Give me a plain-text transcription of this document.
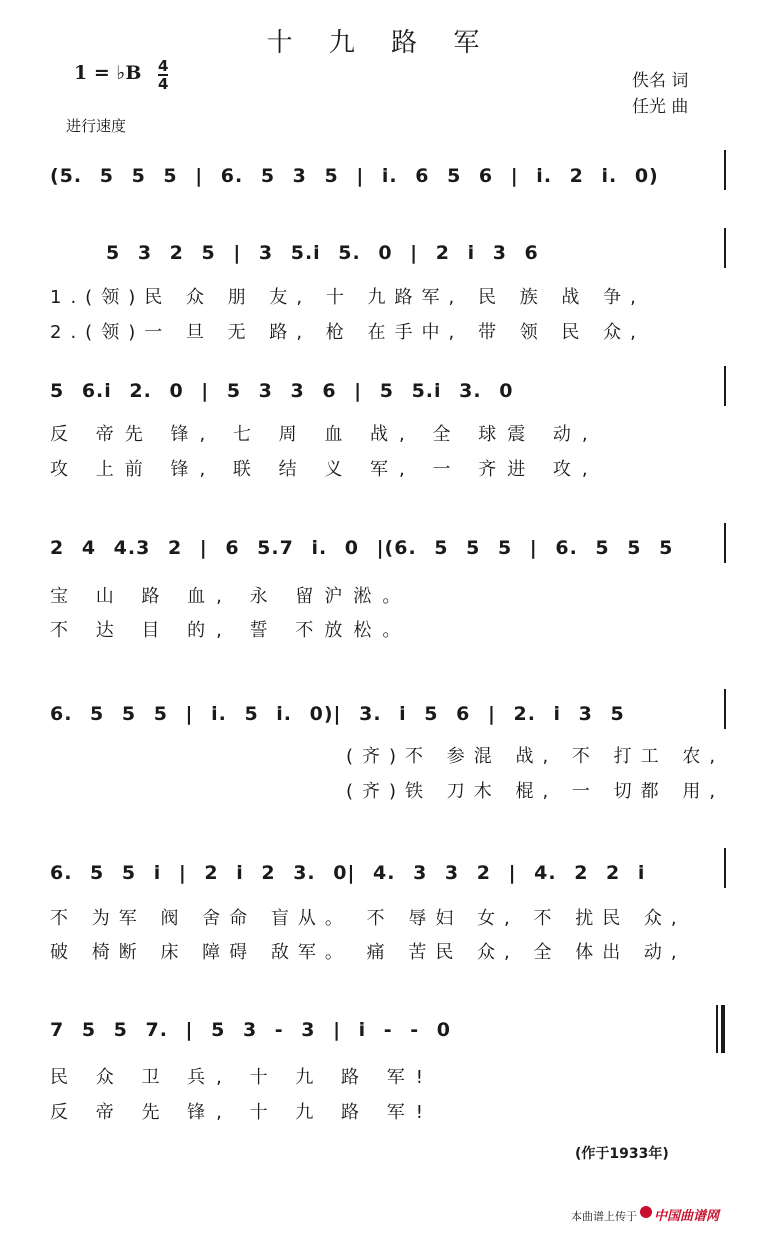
十 九 路 军
1 = ♭B 4
4
进行速度
佚名 词
任光 曲
(5. 5 5 5 | 6. 5 3 5 | i. 6 5 6 | i. 2 i. 0)
5 3 2 5 | 3 5.i 5. 0 | 2 i 3 6
1.(领)民 众 朋 友, 十 九路军, 民 族 战 争,
2.(领)一 旦 无 路, 枪 在手中, 带 领 民 众,
5 6.i 2. 0 | 5 3 3 6 | 5 5.i 3. 0
反 帝先 锋, 七 周 血 战, 全 球震 动,
攻 上前 锋, 联 结 义 军, 一 齐进 攻,
2 4 4.3 2 | 6 5.7 i. 0 |(6. 5 5 5 | 6. 5 5 5
宝 山 路 血, 永 留沪淞。
不 达 目 的, 誓 不放松。
6. 5 5 5 | i. 5 i. 0)| 3. i 5 6 | 2. i 3 5
(齐)不 参混 战, 不 打工 农,
(齐)铁 刀木 棍, 一 切都 用,
6. 5 5 i | 2 i 2 3. 0| 4. 3 3 2 | 4. 2 2 i
不 为军 阀 舍命 盲从。 不 辱妇 女, 不 扰民 众,
破 椅断 床 障碍 敌军。 痛 苦民 众, 全 体出 动,
7 5 5 7. | 5 3 - 3 | i - - 0
民 众 卫 兵, 十 九 路 军!
反 帝 先 锋, 十 九 路 军!
(作于1933年)
本曲谱上传于 中国曲谱网
